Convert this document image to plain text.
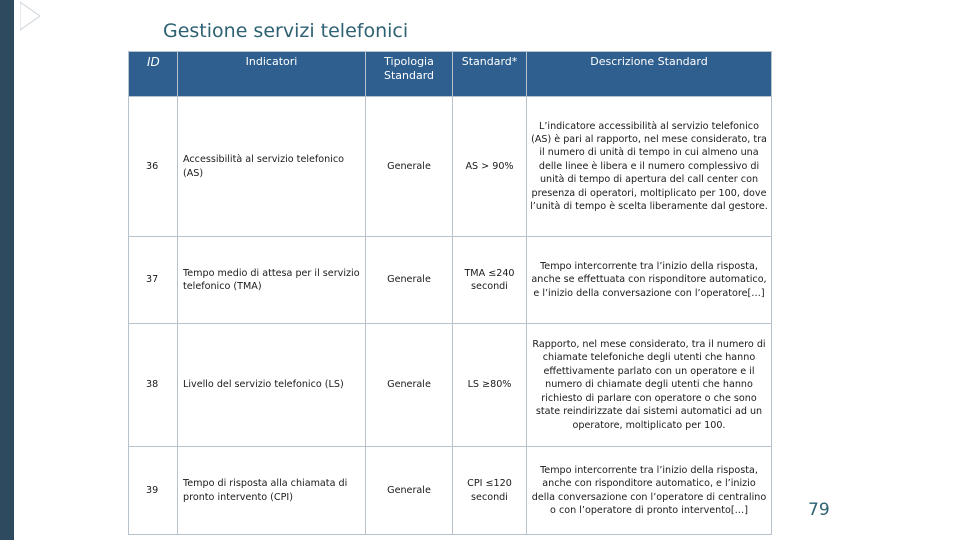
Gestione servizi telefonici
ID	Indicatori	Tipologia Standard	Standard*	Descrizione Standard
36	Accessibilità al servizio telefonico (AS)	Generale	AS > 90%	L’indicatore accessibilità al servizio telefonico (AS) è pari al rapporto, nel mese considerato, tra il numero di unità di tempo in cui almeno una delle linee è libera e il numero complessivo di unità di tempo di apertura del call center con presenza di operatori, moltiplicato per 100, dove l’unità di tempo è scelta liberamente dal gestore.
37	Tempo medio di attesa per il servizio telefonico (TMA)	Generale	TMA ≤240 secondi	Tempo intercorrente tra l’inizio della risposta, anche se effettuata con risponditore automatico, e l’inizio della conversazione con l’operatore[…]
38	Livello del servizio telefonico (LS)	Generale	LS ≥80%	Rapporto, nel mese considerato, tra il numero di chiamate telefoniche degli utenti che hanno effettivamente parlato con un operatore e il numero di chiamate degli utenti che hanno richiesto di parlare con operatore o che sono state reindirizzate dai sistemi automatici ad un operatore, moltiplicato per 100.
39	Tempo di risposta alla chiamata di pronto intervento (CPI)	Generale	CPI ≤120 secondi	Tempo intercorrente tra l’inizio della risposta, anche con risponditore automatico, e l’inizio della conversazione con l’operatore di centralino o con l’operatore di pronto intervento[…]	79
